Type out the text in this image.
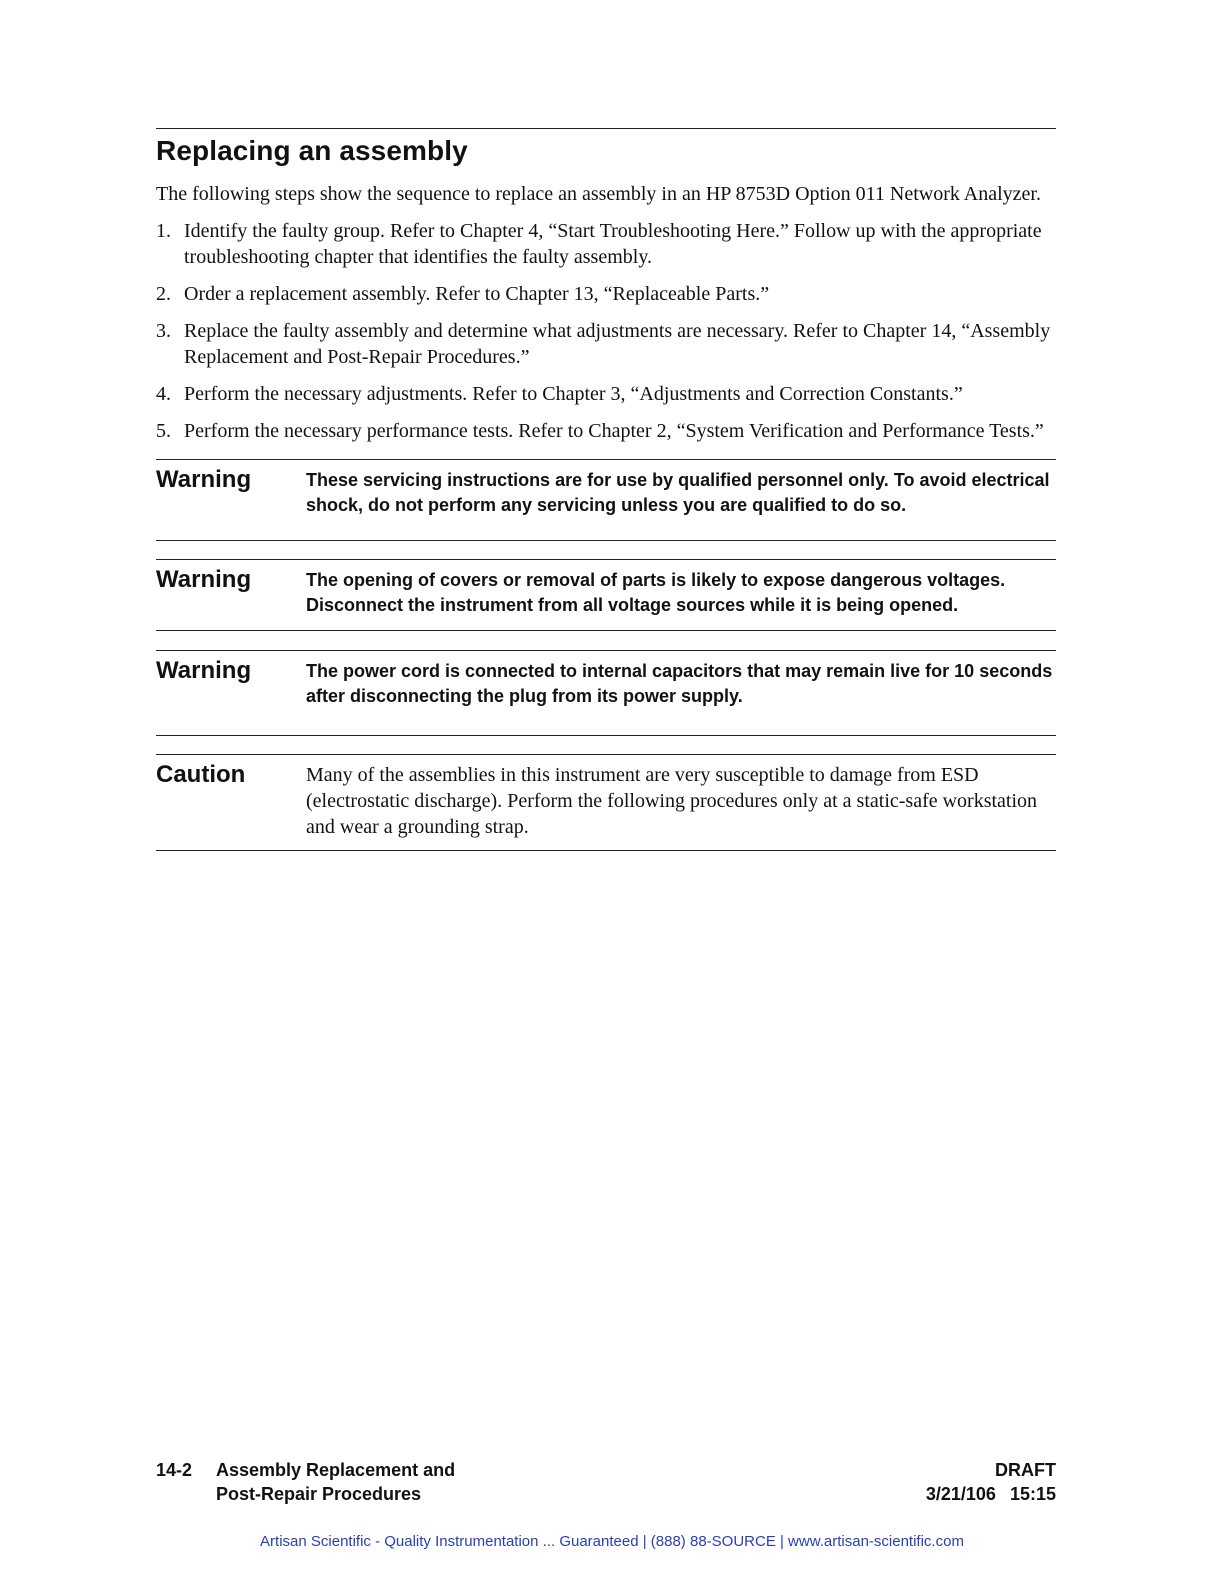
Replacing an assembly

The following steps show the sequence to replace an assembly in an HP 8753D Option 011 Network Analyzer.

1. Identify the faulty group. Refer to Chapter 4, “Start Troubleshooting Here.” Follow up with the appropriate troubleshooting chapter that identifies the faulty assembly.
2. Order a replacement assembly. Refer to Chapter 13, “Replaceable Parts.”
3. Replace the faulty assembly and determine what adjustments are necessary. Refer to Chapter 14, “Assembly Replacement and Post-Repair Procedures.”
4. Perform the necessary adjustments. Refer to Chapter 3, “Adjustments and Correction Constants.”
5. Perform the necessary performance tests. Refer to Chapter 2, “System Verification and Performance Tests.”
Warning	These servicing instructions are for use by qualified personnel only. To avoid electrical shock, do not perform any servicing unless you are qualified to do so.
Warning	The opening of covers or removal of parts is likely to expose dangerous voltages. Disconnect the instrument from all voltage sources while it is being opened.
Warning	The power cord is connected to internal capacitors that may remain live for 10 seconds after disconnecting the plug from its power supply.
Caution	Many of the assemblies in this instrument are very susceptible to damage from ESD (electrostatic discharge). Perform the following procedures only at a static-safe workstation and wear a grounding strap.
14-2	Assembly Replacement and
Post-Repair Procedures
DRAFT
3/21/106 15:15
Artisan Scientific - Quality Instrumentation ... Guaranteed | (888) 88-SOURCE | www.artisan-scientific.com
